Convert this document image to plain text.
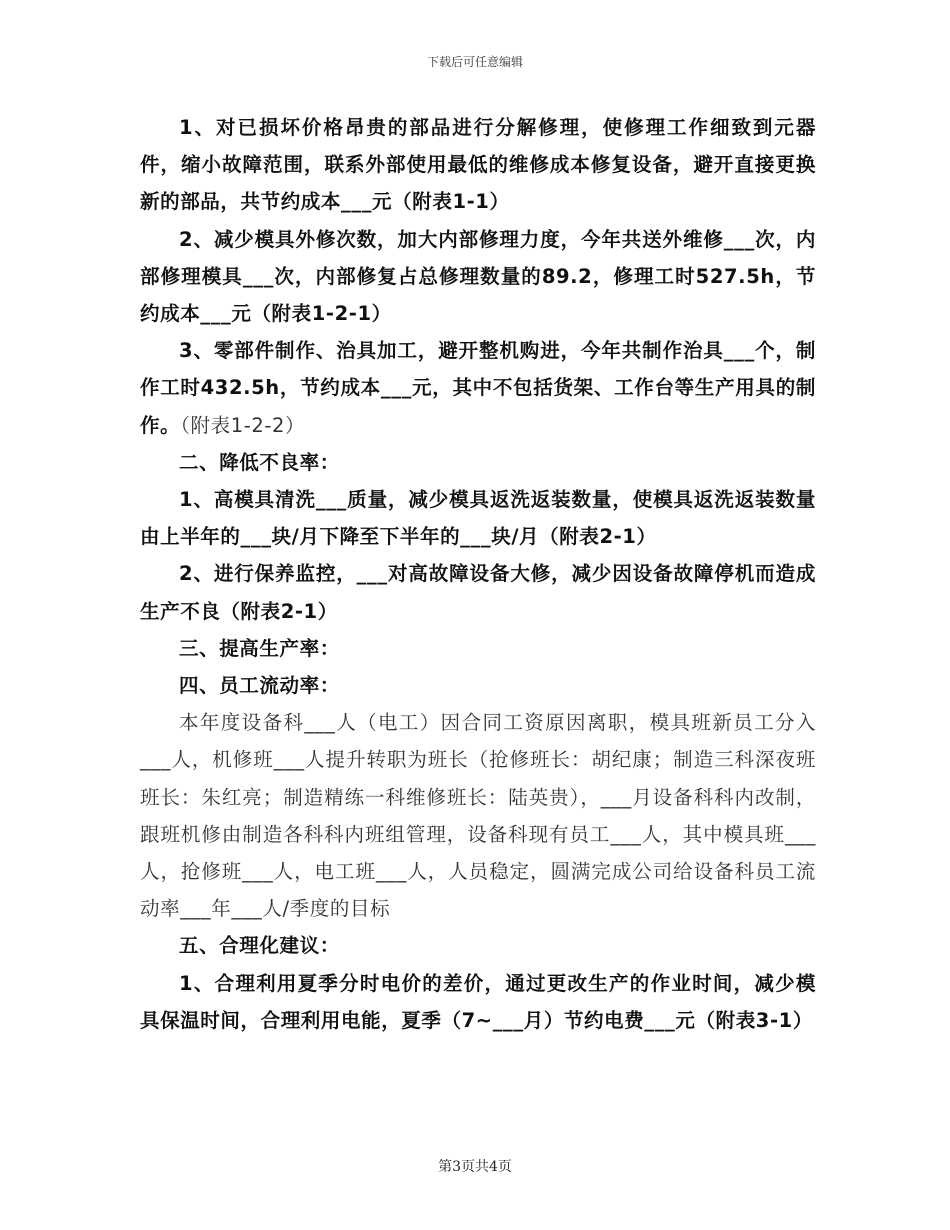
下载后可任意编辑

1、对已损坏价格昂贵的部品进行分解修理，使修理工作细致到元器件，缩小故障范围，联系外部使用最低的维修成本修复设备，避开直接更换新的部品，共节约成本___元（附表1-1）

2、减少模具外修次数，加大内部修理力度，今年共送外维修___次，内部修理模具___次，内部修复占总修理数量的89.2，修理工时527.5h，节约成本___元（附表1-2-1）

3、零部件制作、治具加工，避开整机购进，今年共制作治具___个，制作工时432.5h，节约成本___元，其中不包括货架、工作台等生产用具的制作。（附表1-2-2）

二、降低不良率：

1、高模具清洗___质量，减少模具返洗返装数量，使模具返洗返装数量由上半年的___块/月下降至下半年的___块/月（附表2-1）

2、进行保养监控，___对高故障设备大修，减少因设备故障停机而造成生产不良（附表2-1）

三、提高生产率：

四、员工流动率：

本年度设备科___人（电工）因合同工资原因离职，模具班新员工分入___人，机修班___人提升转职为班长（抢修班长：胡纪康；制造三科深夜班班长：朱红亮；制造精练一科维修班长：陆英贵），___月设备科科内改制，跟班机修由制造各科科内班组管理，设备科现有员工___人，其中模具班___人，抢修班___人，电工班___人，人员稳定，圆满完成公司给设备科员工流动率___年___人/季度的目标

五、合理化建议：

1、合理利用夏季分时电价的差价，通过更改生产的作业时间，减少模具保温时间，合理利用电能，夏季（7~___月）节约电费___元（附表3-1）

第3页共4页
